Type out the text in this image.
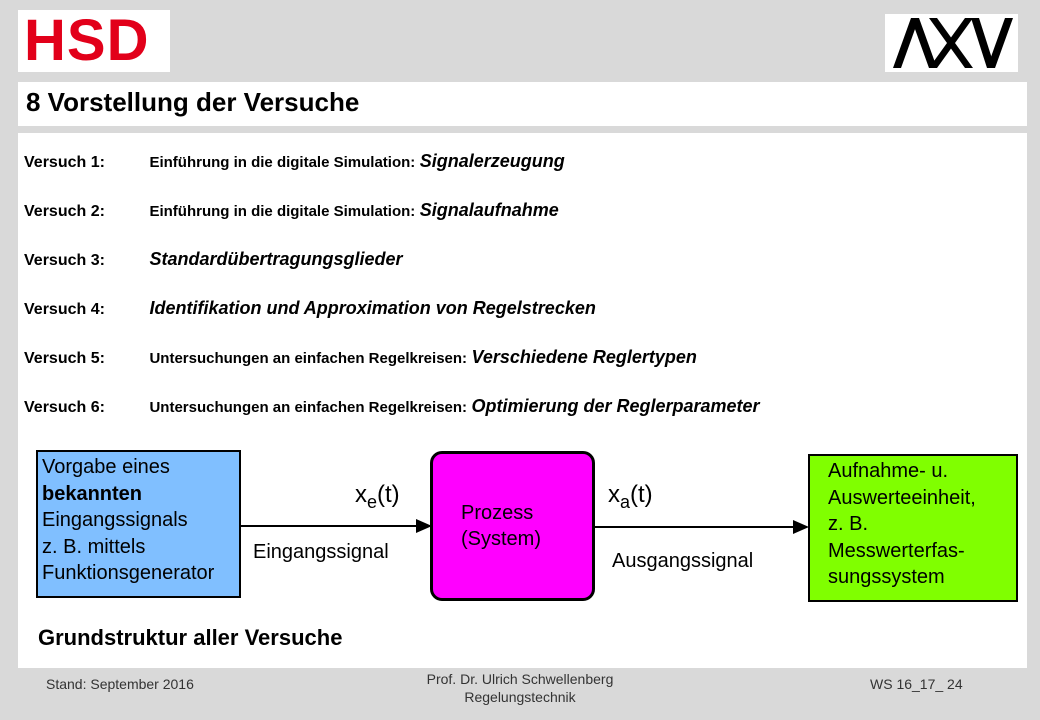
HSD
8 Vorstellung der Versuche
Versuch 1:	Einführung in die digitale Simulation: Signalerzeugung
Versuch 2:	Einführung in die digitale Simulation: Signalaufnahme
Versuch 3: Standardübertragungsglieder
Versuch 4: Identifikation und Approximation von Regelstrecken
Versuch 5:	Untersuchungen an einfachen Regelkreisen: Verschiedene Reglertypen
Versuch 6:	Untersuchungen an einfachen Regelkreisen: Optimierung der Reglerparameter
Vorgabe eines
bekannten
Eingangssignals
z. B. mittels
Funktionsgenerator
Prozess
(System)
Aufnahme- u.
Auswerteeinheit,
z. B.
Messwerterfas-
sungssystem
$x_e(t)$
Eingangssignal
$x_a(t)$
Ausgangssignal
Grundstruktur aller Versuche
Stand: September 2016	Prof. Dr. Ulrich Schwellenberg
Regelungstechnik
WS 16_17_ 24
